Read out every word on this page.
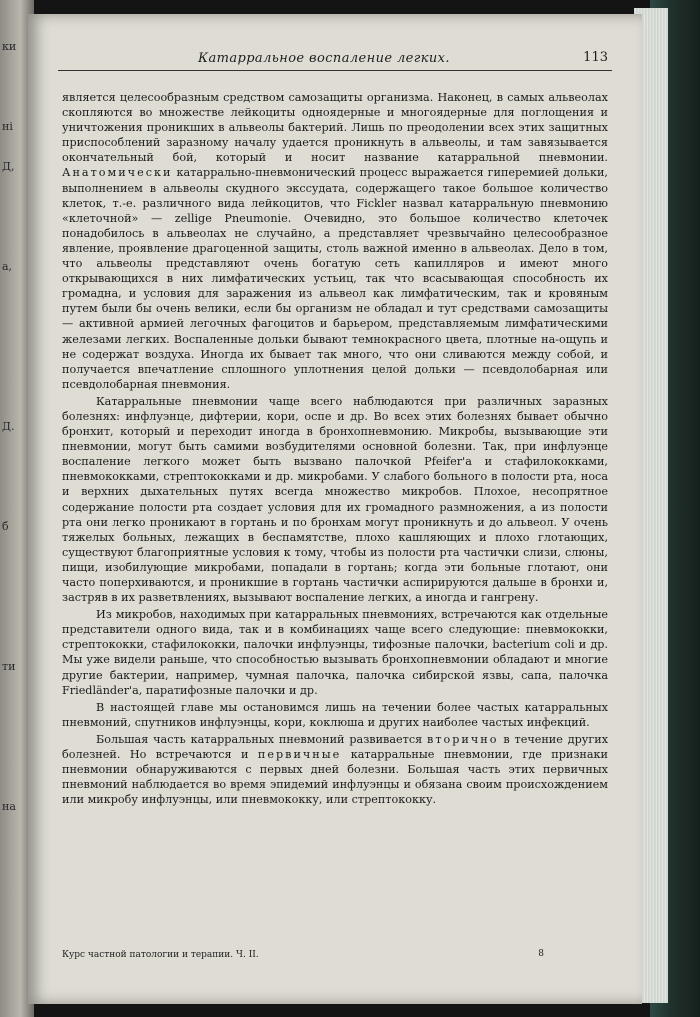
ки
ні
Д,
а,
Д.
б
ти
на
Катарральное воспаление легких.	113

является целесообразным средством самозащиты организма. Наконец, в самых альвеолах скопляются во множестве лейкоциты одноядерные и многоядерные для поглощения и уничтожения проникших в альвеолы бактерий. Лишь по преодолении всех этих защитных приспособлений заразному началу удается проникнуть в альвеолы, и там завязывается окончательный бой, который и носит название катарральной пневмонии. Анатомически катаррально-пневмонический процесс выражается гиперемией дольки, выполнением в альвеолы скудного экссудата, содержащего такое большое количество клеток, т.-е. различного вида лейкоцитов, что Fickler назвал катарральную пневмонию «клеточной» — zellige Pneumonie. Очевидно, это большое количество клеточек понадобилось в альвеолах не случайно, а представляет чрезвычайно целесообразное явление, проявление драгоценной защиты, столь важной именно в альвеолах. Дело в том, что альвеолы представляют очень богатую сеть капилляров и имеют много открывающихся в них лимфатических устьиц, так что всасывающая способность их громадна, и условия для заражения из альвеол как лимфатическим, так и кровяным путем были бы очень велики, если бы организм не обладал и тут средствами самозащиты — активной армией легочных фагоцитов и барьером, представляемым лимфатическими железами легких. Воспаленные дольки бывают темнокрасного цвета, плотные на-ощупь и не содержат воздуха. Иногда их бывает так много, что они сливаются между собой, и получается впечатление сплошного уплотнения целой дольки — псевдолобарная или псевдолобарная пневмония.

Катарральные пневмонии чаще всего наблюдаются при различных заразных болезнях: инфлуэнце, дифтерии, кори, оспе и др. Во всех этих болезнях бывает обычно бронхит, который и переходит иногда в бронхопневмонию. Микробы, вызывающие эти пневмонии, могут быть самими возбудителями основной болезни. Так, при инфлуэнце воспаление легкого может быть вызвано палочкой Pfeifer'а и стафилококками, пневмококками, стрептококками и др. микробами. У слабого больного в полости рта, носа и верхних дыхательных путях всегда множество микробов. Плохое, несопрятное содержание полости рта создает условия для их громадного размножения, а из полости рта они легко проникают в гортань и по бронхам могут проникнуть и до альвеол. У очень тяжелых больных, лежащих в беспамятстве, плохо кашляющих и плохо глотающих, существуют благоприятные условия к тому, чтобы из полости рта частички слизи, слюны, пищи, изобилующие микробами, попадали в гортань; когда эти больные глотают, они часто поперхиваются, и проникшие в гортань частички аспирируются дальше в бронхи и, застряв в их разветвлениях, вызывают воспаление легких, а иногда и гангрену.

Из микробов, находимых при катарральных пневмониях, встречаются как отдельные представители одного вида, так и в комбинациях чаще всего следующие: пневмококки, стрептококки, стафилококки, палочки инфлуэнцы, тифозные палочки, bacterium coli и др. Мы уже видели раньше, что способностью вызывать бронхопневмонии обладают и многие другие бактерии, например, чумная палочка, палочка сибирской язвы, сапа, палочка Friedländer'а, паратифозные палочки и др.

В настоящей главе мы остановимся лишь на течении более частых катарральных пневмоний, спутников инфлуэнцы, кори, коклюша и других наиболее частых инфекций.

Большая часть катарральных пневмоний развивается вторично в течение других болезней. Но встречаются и первичные катарральные пневмонии, где признаки пневмонии обнаруживаются с первых дней болезни. Большая часть этих первичных пневмоний наблюдается во время эпидемий инфлуэнцы и обязана своим происхождением или микробу инфлуэнцы, или пневмококку, или стрептококку.

Курс частной патологии и терапии. Ч. II.	8
